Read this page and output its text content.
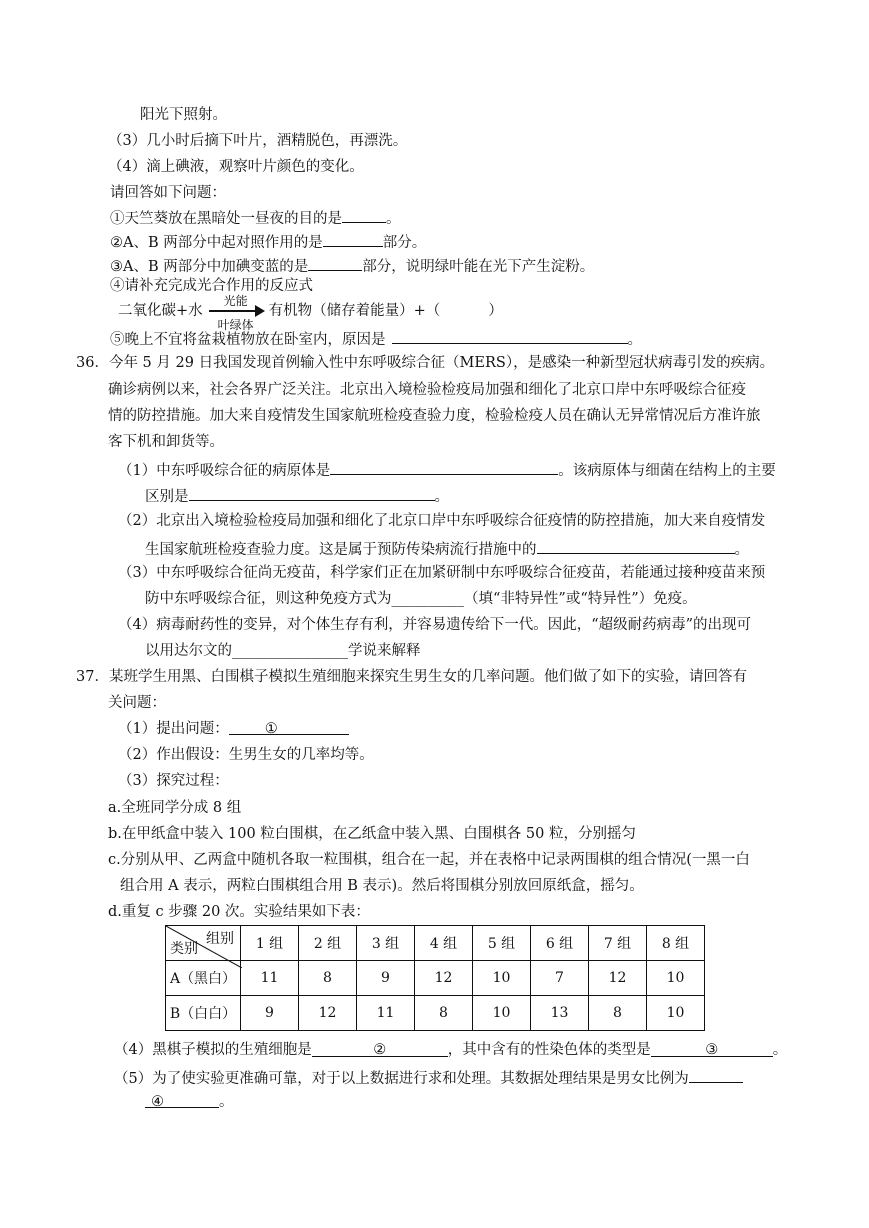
阳光下照射。
（3）几小时后摘下叶片，酒精脱色，再漂洗。
（4）滴上碘液，观察叶片颜色的变化。
请回答如下问题：
①天竺葵放在黑暗处一昼夜的目的是	。
②A、B 两部分中起对照作用的是	部分。
③A、B 两部分中加碘变蓝的是	部分，说明绿叶能在光下产生淀粉。
④请补充完成光合作用的反应式
二氧化碳+水
光能
叶绿体
有机物（储存着能量）+（	）
⑤晚上不宜将盆栽植物放在卧室内，原因是	。
36．今年 5 月 29 日我国发现首例输入性中东呼吸综合征（MERS），是感染一种新型冠状病毒引发的疾病。
确诊病例以来，社会各界广泛关注。北京出入境检验检疫局加强和细化了北京口岸中东呼吸综合征疫
情的防控措施。加大来自疫情发生国家航班检疫查验力度，检验检疫人员在确认无异常情况后方准许旅
客下机和卸货等。
（1）中东呼吸综合征的病原体是	。该病原体与细菌在结构上的主要
区别是	。
（2）北京出入境检验检疫局加强和细化了北京口岸中东呼吸综合征疫情的防控措施，加大来自疫情发
生国家航班检疫查验力度。这是属于预防传染病流行措施中的	。
（3）中东呼吸综合征尚无疫苗，科学家们正在加紧研制中东呼吸综合征疫苗，若能通过接种疫苗来预
防中东呼吸综合征，则这种免疫方式为__________（填“非特异性”或“特异性”）免疫。
（4）病毒耐药性的变异，对个体生存有利，并容易遗传给下一代。因此，“超级耐药病毒”的出现可
以用达尔文的________________学说来解释
37．某班学生用黑、白围棋子模拟生殖细胞来探究生男生女的几率问题。他们做了如下的实验，请回答有
关问题：
（1）提出问题： ①
（2）作出假设：生男生女的几率均等。
（3）探究过程：
a.全班同学分成 8 组
b.在甲纸盒中装入 100 粒白围棋，在乙纸盒中装入黑、白围棋各 50 粒，分别摇匀
c.分别从甲、乙两盒中随机各取一粒围棋，组合在一起，并在表格中记录两围棋的组合情况(一黑一白
组合用 A 表示，两粒白围棋组合用 B 表示)。然后将围棋分别放回原纸盒，摇匀。
d.重复 c 步骤 20 次。实验结果如下表：
组别
类别	1 组	2 组	3 组	4 组	5 组	6 组	7 组	8 组
A（黑白）	11	8	9	12	10	7	12	10
B（白白）	9	12	11	8	10	13	8	10
（4）黑棋子模拟的生殖细胞是	②	，其中含有的性染色体的类型是	③	。
（5）为了使实验更准确可靠，对于以上数据进行求和处理。其数据处理结果是男女比例为
④	。
